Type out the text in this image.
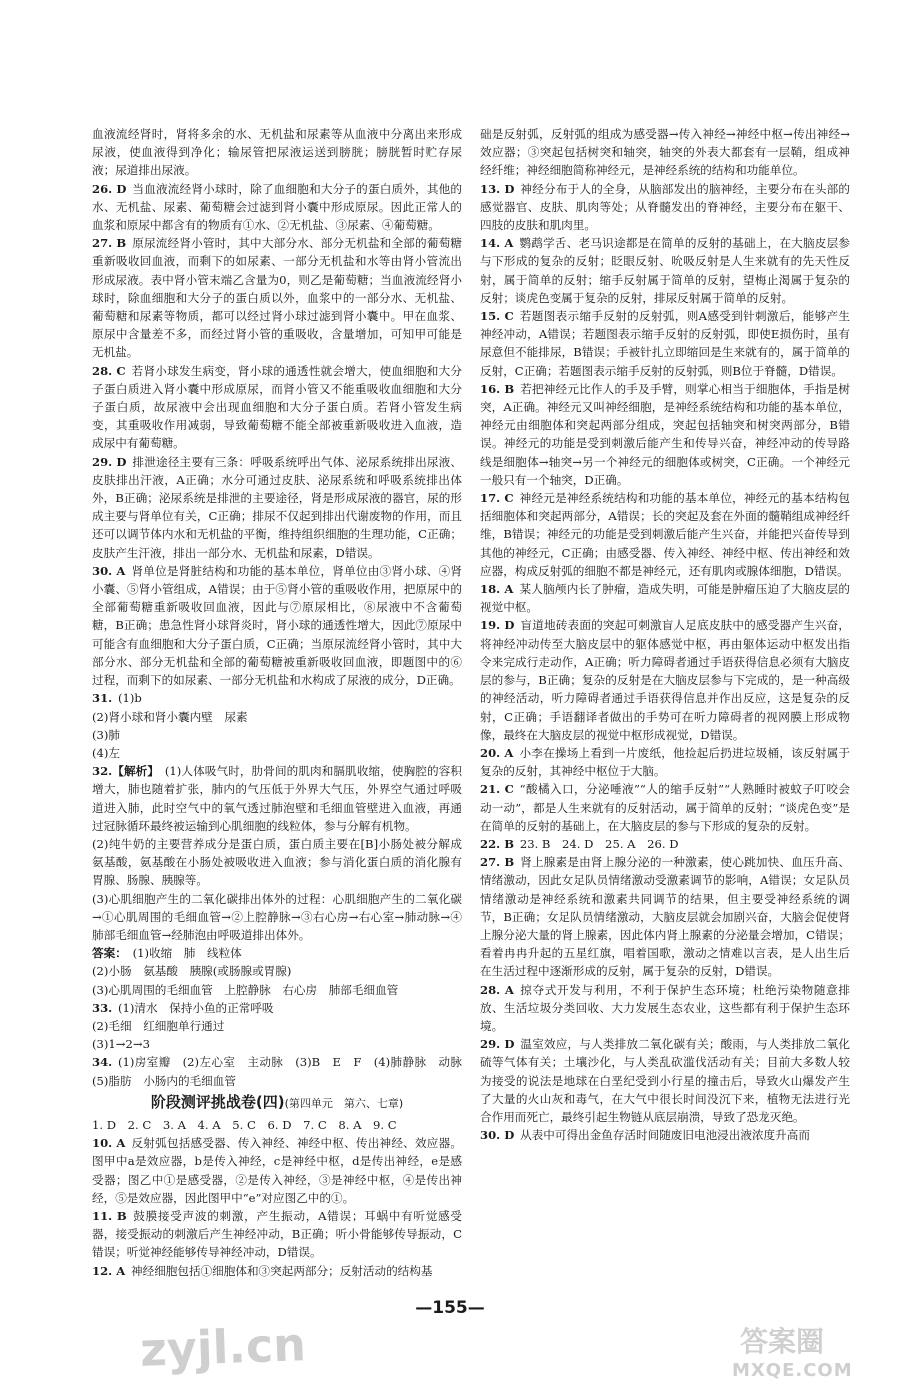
血液流经肾时，肾将多余的水、无机盐和尿素等从血液中分离出来形成尿液，使血液得到净化；输尿管把尿液运送到膀胱；膀胱暂时贮存尿液；尿道排出尿液。

26. D  当血液流经肾小球时，除了血细胞和大分子的蛋白质外，其他的水、无机盐、尿素、葡萄糖会过滤到肾小囊中形成原尿。因此正常人的血浆和原尿中都含有的物质有①水、②无机盐、③尿素、④葡萄糖。

27. B  原尿流经肾小管时，其中大部分水、部分无机盐和全部的葡萄糖重新吸收回血液，而剩下的如尿素、一部分无机盐和水等由肾小管流出形成尿液。表中肾小管末端乙含量为0，则乙是葡萄糖；当血液流经肾小球时，除血细胞和大分子的蛋白质以外，血浆中的一部分水、无机盐、葡萄糖和尿素等物质，都可以经过肾小球过滤到肾小囊中。甲在血浆、原尿中含量差不多，而经过肾小管的重吸收，含量增加，可知甲可能是无机盐。

28. C  若肾小球发生病变，肾小球的通透性就会增大，使血细胞和大分子蛋白质进入肾小囊中形成原尿，而肾小管又不能重吸收血细胞和大分子蛋白质，故尿液中会出现血细胞和大分子蛋白质。若肾小管发生病变，其重吸收作用减弱，导致葡萄糖不能全部被重新吸收进入血液，造成尿中有葡萄糖。

29. D  排泄途径主要有三条：呼吸系统呼出气体、泌尿系统排出尿液、皮肤排出汗液，A正确；水分可通过皮肤、泌尿系统和呼吸系统排出体外，B正确；泌尿系统是排泄的主要途径，肾是形成尿液的器官，尿的形成主要与肾单位有关，C正确；排尿不仅起到排出代谢废物的作用，而且还可以调节体内水和无机盐的平衡，维持组织细胞的生理功能，C正确；皮肤产生汗液，排出一部分水、无机盐和尿素，D错误。

30. A  肾单位是肾脏结构和功能的基本单位，肾单位由③肾小球、④肾小囊、⑤肾小管组成，A错误；由于⑤肾小管的重吸收作用，把原尿中的全部葡萄糖重新吸收回血液，因此与⑦原尿相比，⑧尿液中不含葡萄糖，B正确；患急性肾小球肾炎时，肾小球的通透性增大，因此⑦原尿中可能含有血细胞和大分子蛋白质，C正确；当原尿流经肾小管时，其中大部分水、部分无机盐和全部的葡萄糖被重新吸收回血液，即题图中的⑥过程，而剩下的如尿素、一部分无机盐和水构成了尿液的成分，D正确。

31.  (1)b

(2)肾小球和肾小囊内壁　尿素

(3)肺

(4)左

32.【解析】  (1)人体吸气时，肋骨间的肌肉和膈肌收缩，使胸腔的容积增大，肺也随着扩张，肺内的气压低于外界大气压，外界空气通过呼吸道进入肺，此时空气中的氧气透过肺泡壁和毛细血管壁进入血液，再通过冠脉循环最终被运输到心肌细胞的线粒体，参与分解有机物。

(2)纯牛奶的主要营养成分是蛋白质，蛋白质主要在[B]小肠处被分解成氨基酸，氨基酸在小肠处被吸收进入血液；参与消化蛋白质的消化腺有胃腺、肠腺、胰腺等。

(3)心肌细胞产生的二氧化碳排出体外的过程：心肌细胞产生的二氧化碳→①心肌周围的毛细血管→②上腔静脉→③右心房→右心室→肺动脉→④肺部毛细血管→经肺泡由呼吸道排出体外。

答案：  (1)收缩　肺　线粒体

(2)小肠　氨基酸　胰腺(或肠腺或胃腺)

(3)心肌周围的毛细血管　上腔静脉　右心房　肺部毛细血管

33.  (1)清水　保持小鱼的正常呼吸

(2)毛细　红细胞单行通过

(3)1→2→3

34.  (1)房室瓣　(2)左心室　主动脉　(3)B　E　F　(4)肺静脉　动脉　(5)脂肪　小肠内的毛细血管

阶段测评挑战卷(四)(第四单元　第六、七章)

1. D　2. C　3. A　4. A　5. C　6. D　7. C　8. A　9. C

10. A  反射弧包括感受器、传入神经、神经中枢、传出神经、效应器。图甲中a是效应器，b是传入神经，c是神经中枢，d是传出神经，e是感受器；图乙中①是感受器，②是传入神经，③是神经中枢，④是传出神经，⑤是效应器，因此图甲中“e”对应图乙中的①。

11. B  鼓膜接受声波的刺激，产生振动，A错误；耳蜗中有听觉感受器，接受振动的刺激后产生神经冲动，B正确；听小骨能够传导振动，C错误；听觉神经能够传导神经冲动，D错误。

12. A  神经细胞包括①细胞体和③突起两部分；反射活动的结构基

础是反射弧，反射弧的组成为感受器→传入神经→神经中枢→传出神经→效应器；③突起包括树突和轴突，轴突的外表大都套有一层鞘，组成神经纤维；神经细胞简称神经元，是神经系统的结构和功能单位。

13. D  神经分布于人的全身，从脑部发出的脑神经，主要分布在头部的感觉器官、皮肤、肌肉等处；从脊髓发出的脊神经，主要分布在躯干、四肢的皮肤和肌肉里。

14. A  鹦鹉学舌、老马识途都是在简单的反射的基础上，在大脑皮层参与下形成的复杂的反射；眨眼反射、吮吸反射是人生来就有的先天性反射，属于简单的反射；缩手反射属于简单的反射，望梅止渴属于复杂的反射；谈虎色变属于复杂的反射，排尿反射属于简单的反射。

15. C  若题图表示缩手反射的反射弧，则A感受到针刺激后，能够产生神经冲动，A错误；若题图表示缩手反射的反射弧，即使E损伤时，虽有尿意但不能排尿，B错误；手被针扎立即缩回是生来就有的，属于简单的反射，C正确；若题图表示缩手反射的反射弧，则B位于脊髓，D错误。

16. B  若把神经元比作人的手及手臂，则掌心相当于细胞体，手指是树突，A正确。神经元又叫神经细胞，是神经系统结构和功能的基本单位，神经元由细胞体和突起两部分组成，突起包括轴突和树突两部分，B错误。神经元的功能是受到刺激后能产生和传导兴奋，神经冲动的传导路线是细胞体→轴突→另一个神经元的细胞体或树突，C正确。一个神经元一般只有一个轴突，D正确。

17. C  神经元是神经系统结构和功能的基本单位，神经元的基本结构包括细胞体和突起两部分，A错误；长的突起及套在外面的髓鞘组成神经纤维，B错误；神经元的功能是受到刺激后能产生兴奋，并能把兴奋传导到其他的神经元，C正确；由感受器、传入神经、神经中枢、传出神经和效应器，构成反射弧的细胞不都是神经元，还有肌肉或腺体细胞，D错误。

18. A  某人脑颅内长了肿瘤，造成失明，可能是肿瘤压迫了大脑皮层的视觉中枢。

19. D  盲道地砖表面的突起可刺激盲人足底皮肤中的感受器产生兴奋，将神经冲动传至大脑皮层中的躯体感觉中枢，再由躯体运动中枢发出指令来完成行走动作，A正确；听力障碍者通过手语获得信息必须有大脑皮层的参与，B正确；复杂的反射是在大脑皮层参与下完成的，是一种高级的神经活动，听力障碍者通过手语获得信息并作出反应，这是复杂的反射，C正确；手语翻译者做出的手势可在听力障碍者的视网膜上形成物像，最终在大脑皮层的视觉中枢形成视觉，D错误。

20. A  小李在操场上看到一片废纸，他捡起后扔进垃圾桶，该反射属于复杂的反射，其神经中枢位于大脑。

21. C  “酸橘入口，分泌唾液”“人的缩手反射”“人熟睡时被蚊子叮咬会动一动”，都是人生来就有的反射活动，属于简单的反射；“谈虎色变”是在简单的反射的基础上，在大脑皮层的参与下形成的复杂的反射。

22. B  23. B　24. D　25. A　26. D

27. B  肾上腺素是由肾上腺分泌的一种激素，使心跳加快、血压升高、情绪激动，因此女足队员情绪激动受激素调节的影响，A错误；女足队员情绪激动是神经系统和激素共同调节的结果，但主要受神经系统的调节，B正确；女足队员情绪激动，大脑皮层就会加剧兴奋，大脑会促使肾上腺分泌大量的肾上腺素，因此体内肾上腺素的分泌量会增加，C错误；看着冉冉升起的五星红旗，唱着国歌，激动之情难以言表，是人出生后在生活过程中逐渐形成的反射，属于复杂的反射，D错误。

28. A  掠夺式开发与利用，不利于保护生态环境；杜绝污染物随意排放、生活垃圾分类回收、大力发展生态农业，这些都有利于保护生态环境。

29. D  温室效应，与人类排放二氧化碳有关；酸雨，与人类排放二氧化硫等气体有关；土壤沙化，与人类乱砍滥伐活动有关；目前大多数人较为接受的说法是地球在白垩纪受到小行星的撞击后，导致火山爆发产生了大量的火山灰和毒气，在大气中很长时间没沉下来，植物无法进行光合作用而死亡，最终引起生物链从底层崩溃，导致了恐龙灭绝。

30. D  从表中可得出金鱼存活时间随废旧电池浸出液浓度升高而

—155—
zyjl.cn	答案圈
MXQE.COM
